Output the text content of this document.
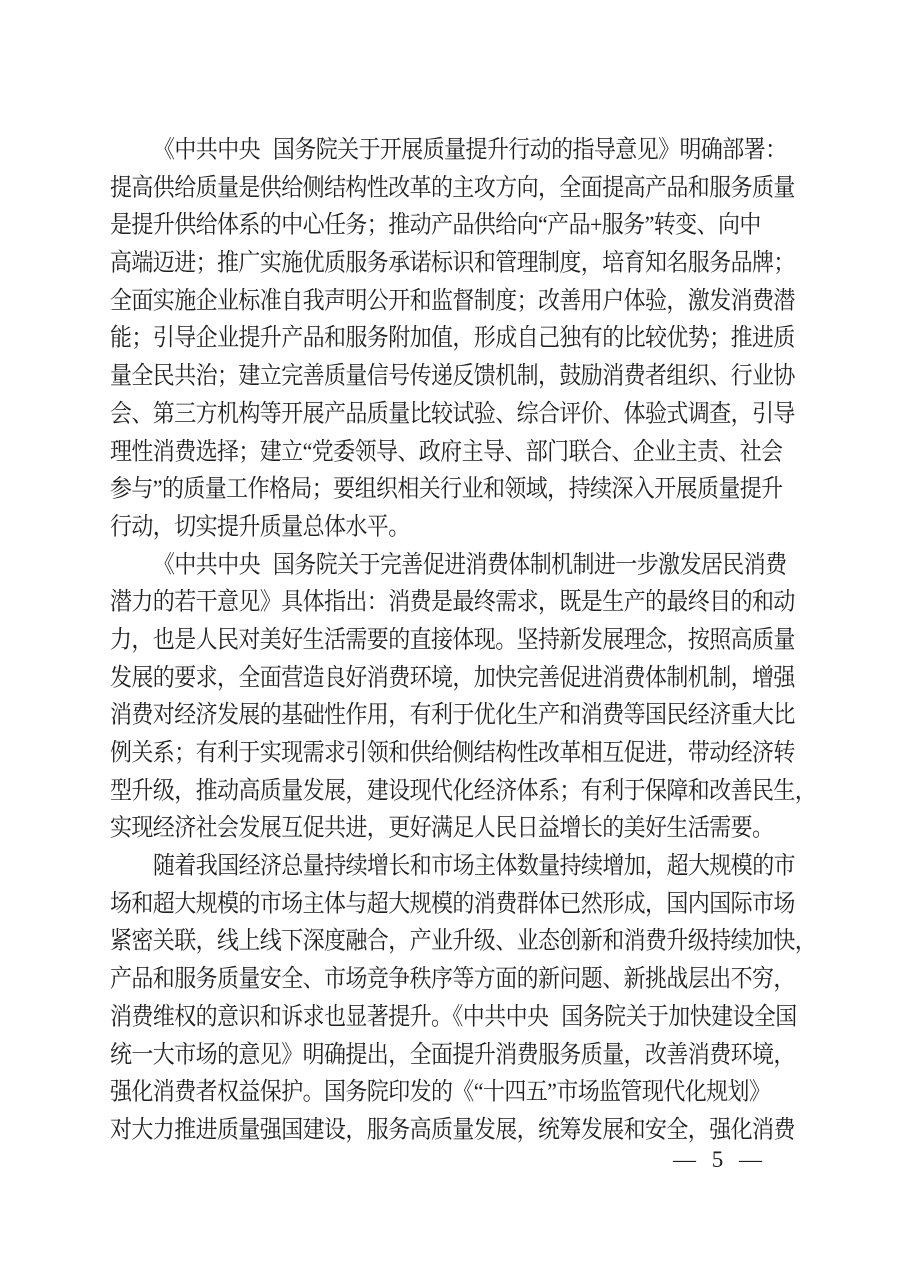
《中共中央 国务院关于开展质量提升行动的指导意见》明确部署：
提高供给质量是供给侧结构性改革的主攻方向，全面提高产品和服务质量
是提升供给体系的中心任务；推动产品供给向“产品+服务”转变、向中
高端迈进；推广实施优质服务承诺标识和管理制度，培育知名服务品牌；
全面实施企业标准自我声明公开和监督制度；改善用户体验，激发消费潜
能；引导企业提升产品和服务附加值，形成自己独有的比较优势；推进质
量全民共治；建立完善质量信号传递反馈机制，鼓励消费者组织、行业协
会、第三方机构等开展产品质量比较试验、综合评价、体验式调查，引导
理性消费选择；建立“党委领导、政府主导、部门联合、企业主责、社会
参与”的质量工作格局；要组织相关行业和领域，持续深入开展质量提升
行动，切实提升质量总体水平。
《中共中央 国务院关于完善促进消费体制机制进一步激发居民消费
潜力的若干意见》具体指出：消费是最终需求，既是生产的最终目的和动
力，也是人民对美好生活需要的直接体现。坚持新发展理念，按照高质量
发展的要求，全面营造良好消费环境，加快完善促进消费体制机制，增强
消费对经济发展的基础性作用，有利于优化生产和消费等国民经济重大比
例关系；有利于实现需求引领和供给侧结构性改革相互促进，带动经济转
型升级，推动高质量发展，建设现代化经济体系；有利于保障和改善民生，
实现经济社会发展互促共进，更好满足人民日益增长的美好生活需要。
随着我国经济总量持续增长和市场主体数量持续增加，超大规模的市
场和超大规模的市场主体与超大规模的消费群体已然形成，国内国际市场
紧密关联，线上线下深度融合，产业升级、业态创新和消费升级持续加快，
产品和服务质量安全、市场竞争秩序等方面的新问题、新挑战层出不穷，
消费维权的意识和诉求也显著提升。《中共中央 国务院关于加快建设全国
统一大市场的意见》明确提出，全面提升消费服务质量，改善消费环境，
强化消费者权益保护。国务院印发的《“十四五”市场监管现代化规划》
对大力推进质量强国建设，服务高质量发展，统筹发展和安全，强化消费
— 5 —
